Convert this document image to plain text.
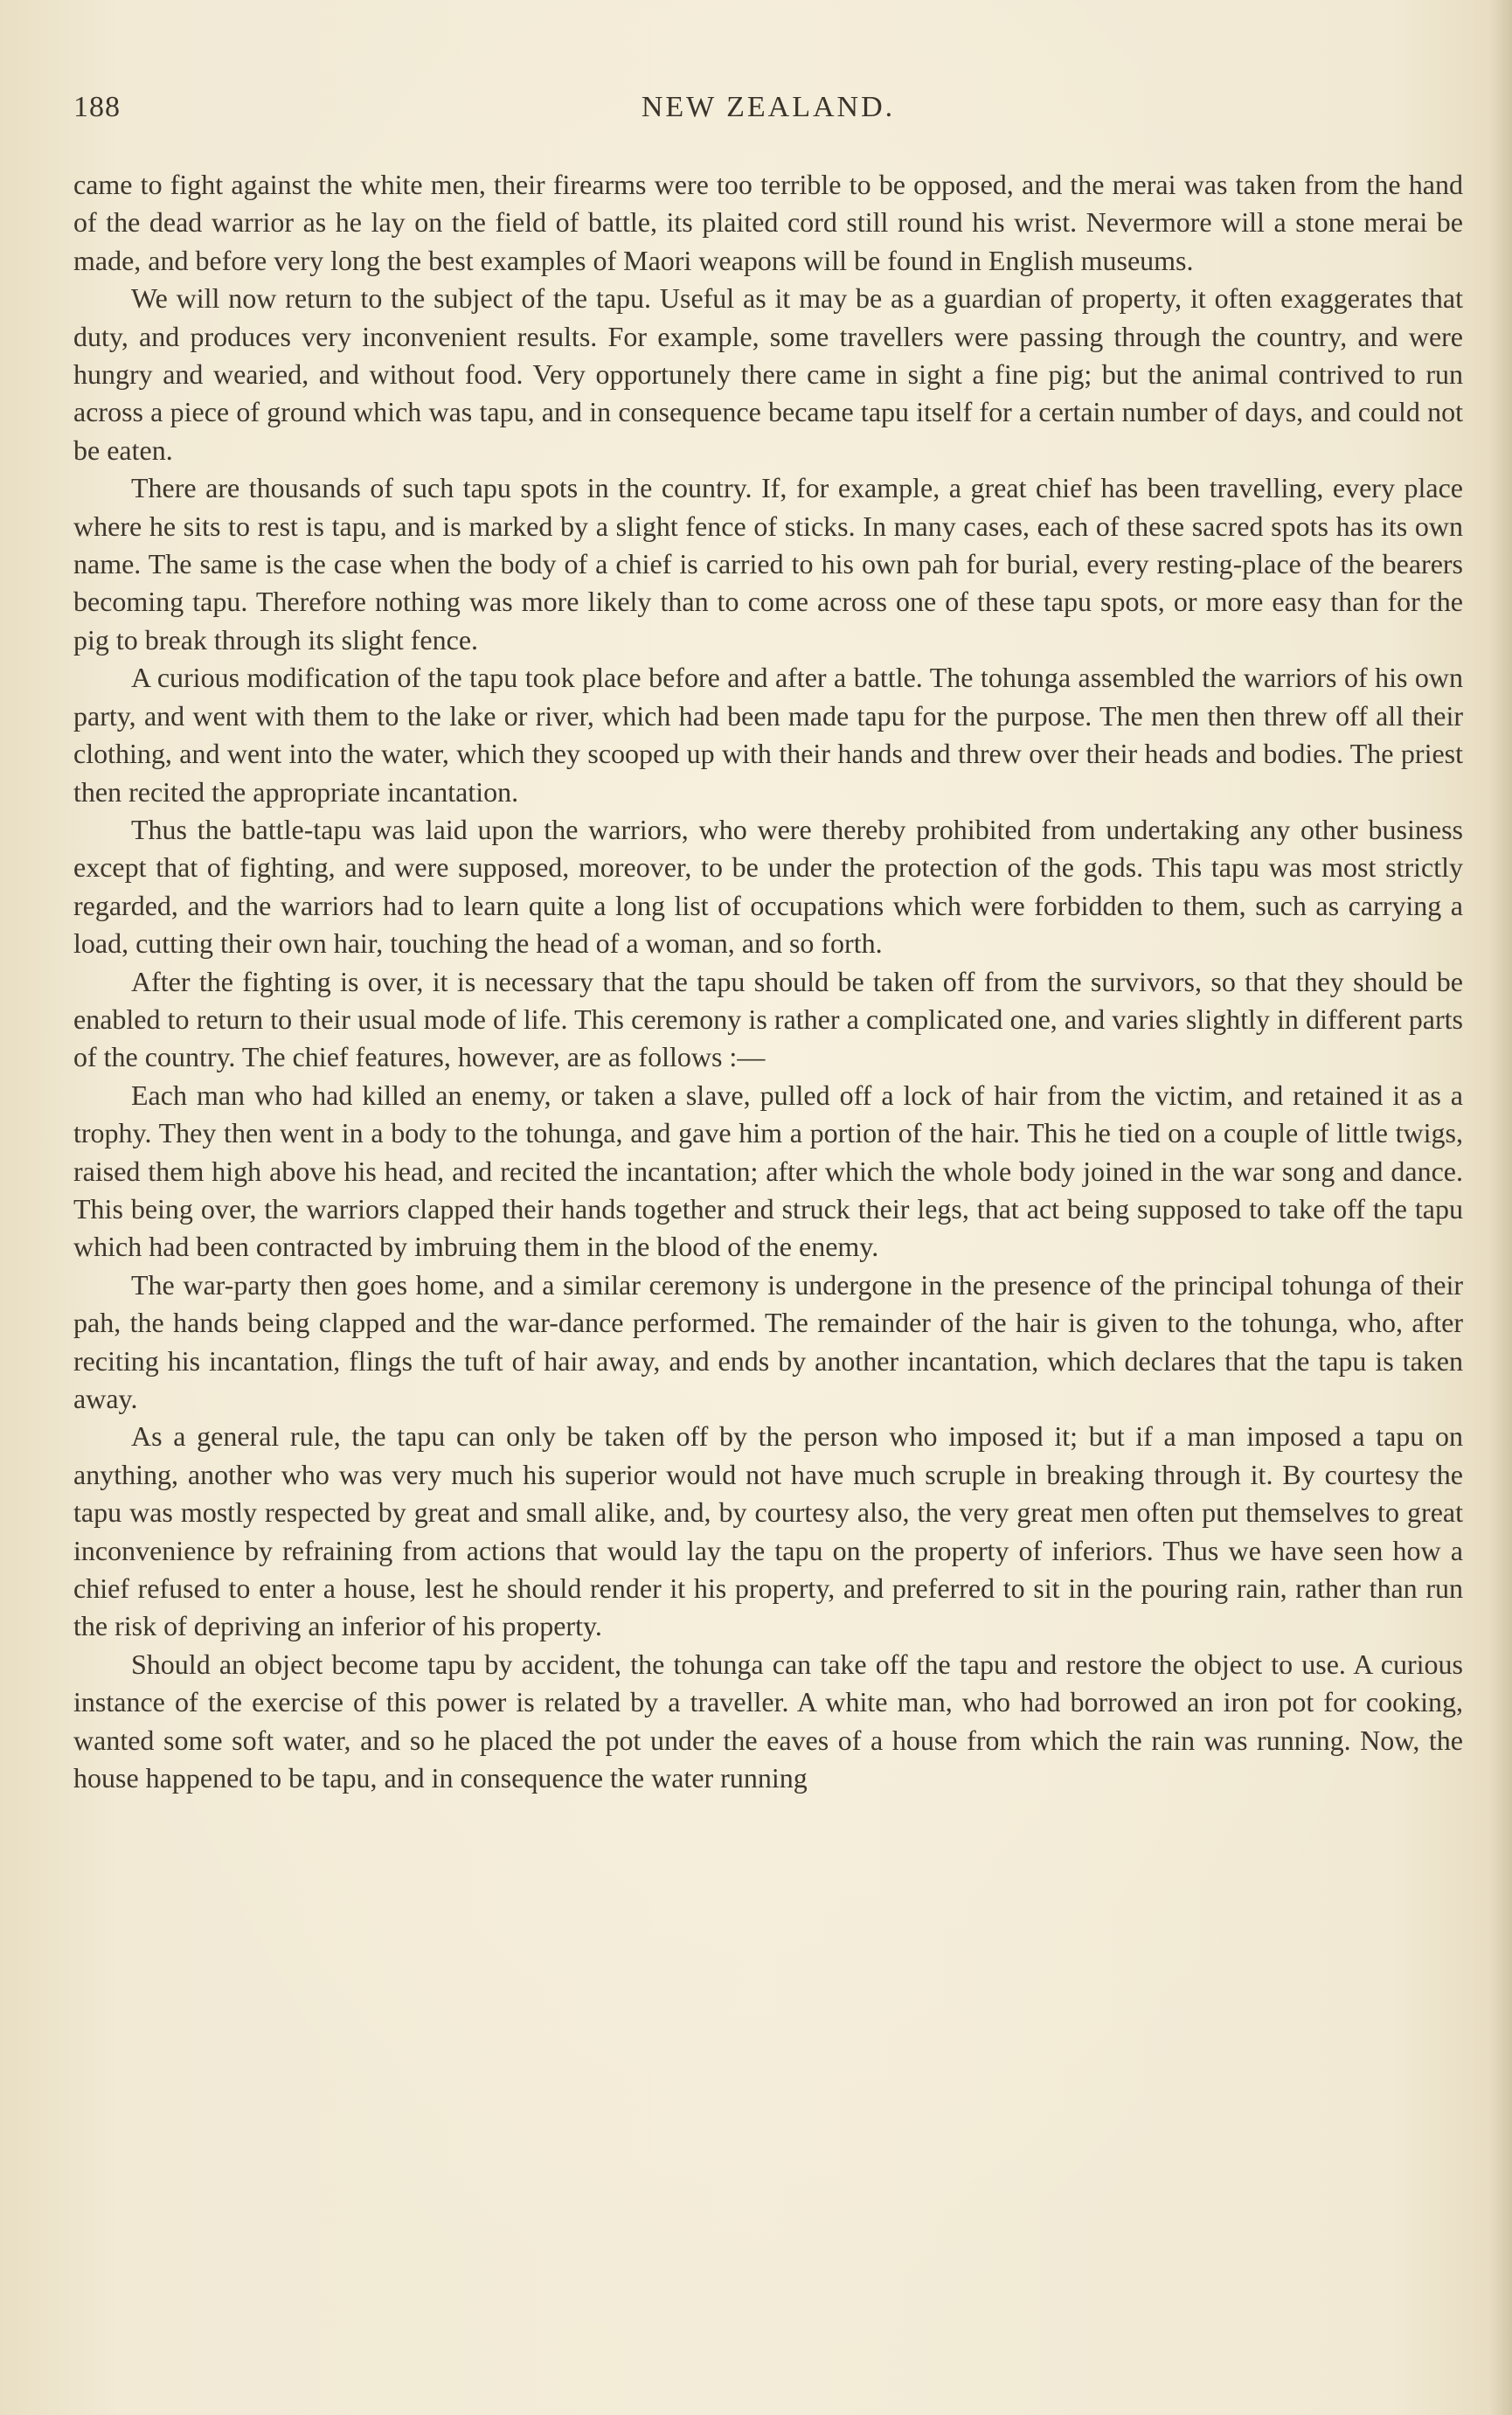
NEW ZEALAND.
188

came to fight against the white men, their firearms were too terrible to be opposed, and the merai was taken from the hand of the dead warrior as he lay on the field of battle, its plaited cord still round his wrist. Nevermore will a stone merai be made, and before very long the best examples of Maori weapons will be found in English museums.

We will now return to the subject of the tapu. Useful as it may be as a guardian of property, it often exaggerates that duty, and produces very inconvenient results. For example, some travellers were passing through the country, and were hungry and wearied, and without food. Very opportunely there came in sight a fine pig; but the animal contrived to run across a piece of ground which was tapu, and in consequence became tapu itself for a certain number of days, and could not be eaten.

There are thousands of such tapu spots in the country. If, for example, a great chief has been travelling, every place where he sits to rest is tapu, and is marked by a slight fence of sticks. In many cases, each of these sacred spots has its own name. The same is the case when the body of a chief is carried to his own pah for burial, every resting-place of the bearers becoming tapu. Therefore nothing was more likely than to come across one of these tapu spots, or more easy than for the pig to break through its slight fence.

A curious modification of the tapu took place before and after a battle. The tohunga assembled the warriors of his own party, and went with them to the lake or river, which had been made tapu for the purpose. The men then threw off all their clothing, and went into the water, which they scooped up with their hands and threw over their heads and bodies. The priest then recited the appropriate incantation.

Thus the battle-tapu was laid upon the warriors, who were thereby prohibited from undertaking any other business except that of fighting, and were supposed, moreover, to be under the protection of the gods. This tapu was most strictly regarded, and the warriors had to learn quite a long list of occupations which were forbidden to them, such as carrying a load, cutting their own hair, touching the head of a woman, and so forth.

After the fighting is over, it is necessary that the tapu should be taken off from the survivors, so that they should be enabled to return to their usual mode of life. This ceremony is rather a complicated one, and varies slightly in different parts of the country. The chief features, however, are as follows :—

Each man who had killed an enemy, or taken a slave, pulled off a lock of hair from the victim, and retained it as a trophy. They then went in a body to the tohunga, and gave him a portion of the hair. This he tied on a couple of little twigs, raised them high above his head, and recited the incantation; after which the whole body joined in the war song and dance. This being over, the warriors clapped their hands together and struck their legs, that act being supposed to take off the tapu which had been contracted by imbruing them in the blood of the enemy.

The war-party then goes home, and a similar ceremony is undergone in the presence of the principal tohunga of their pah, the hands being clapped and the war-dance performed. The remainder of the hair is given to the tohunga, who, after reciting his incantation, flings the tuft of hair away, and ends by another incantation, which declares that the tapu is taken away.

As a general rule, the tapu can only be taken off by the person who imposed it; but if a man imposed a tapu on anything, another who was very much his superior would not have much scruple in breaking through it. By courtesy the tapu was mostly respected by great and small alike, and, by courtesy also, the very great men often put themselves to great inconvenience by refraining from actions that would lay the tapu on the property of inferiors. Thus we have seen how a chief refused to enter a house, lest he should render it his property, and preferred to sit in the pouring rain, rather than run the risk of depriving an inferior of his property.

Should an object become tapu by accident, the tohunga can take off the tapu and restore the object to use. A curious instance of the exercise of this power is related by a traveller. A white man, who had borrowed an iron pot for cooking, wanted some soft water, and so he placed the pot under the eaves of a house from which the rain was running. Now, the house happened to be tapu, and in consequence the water running
